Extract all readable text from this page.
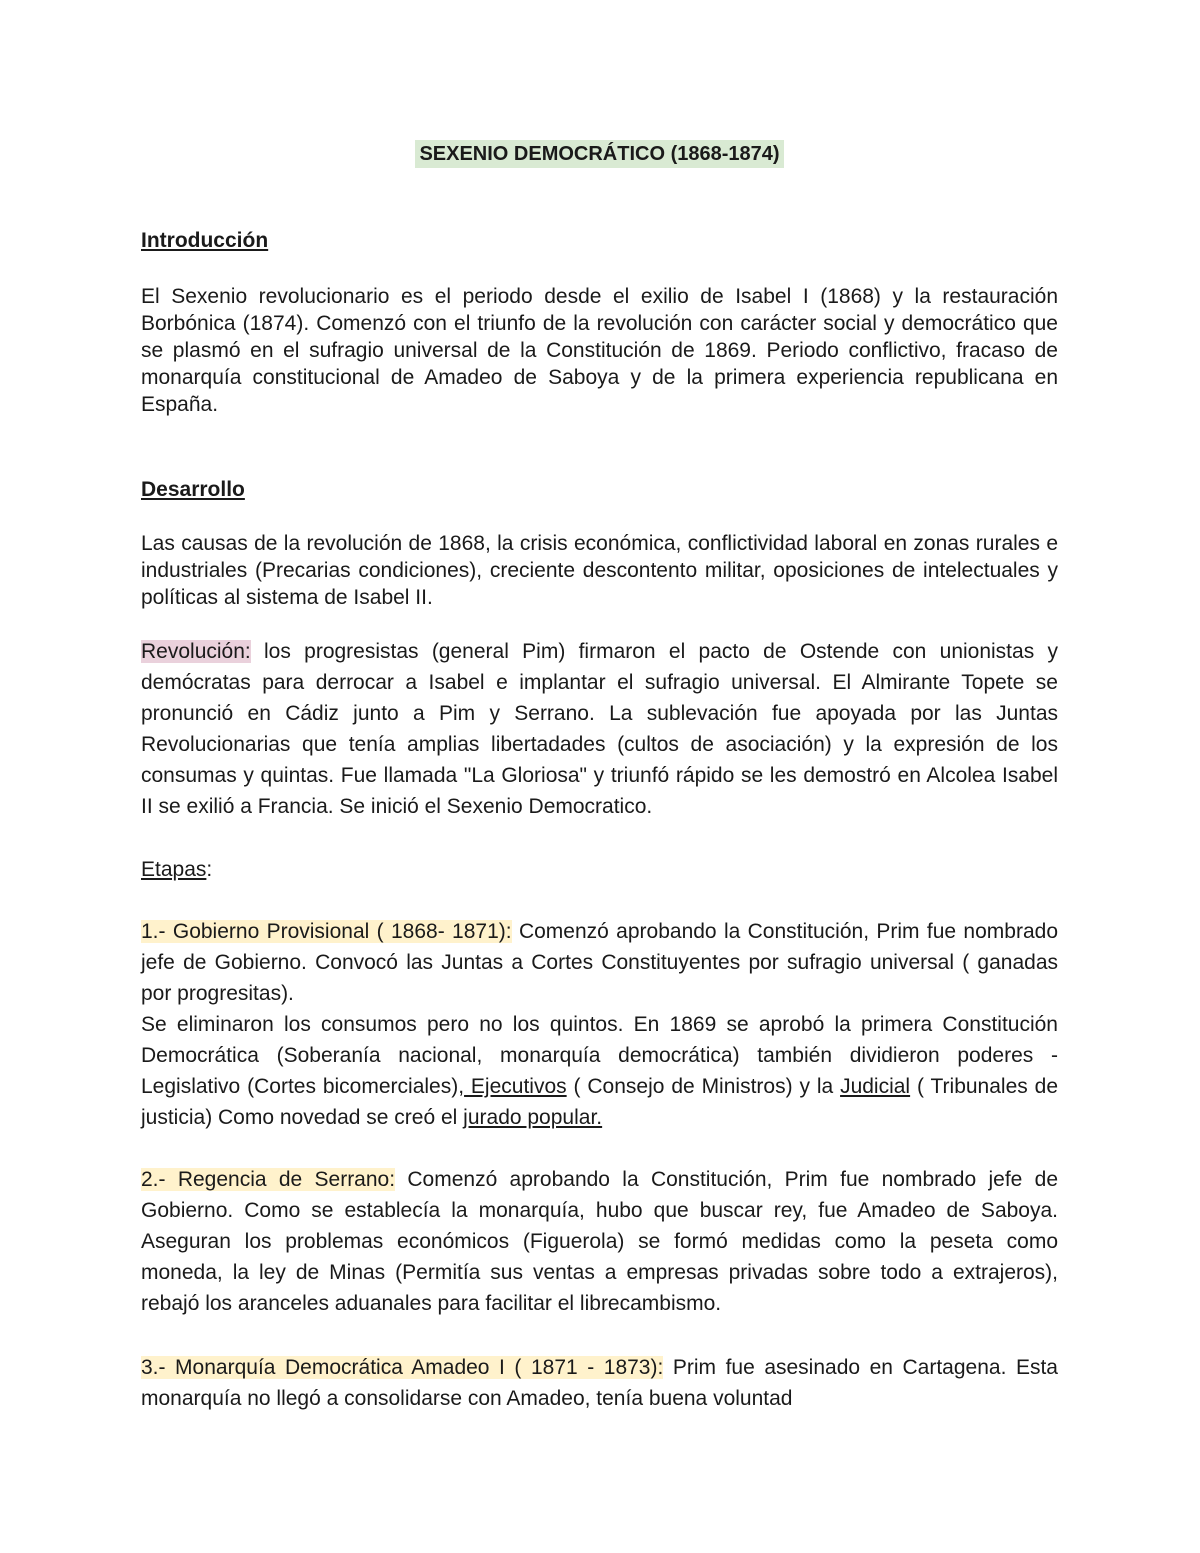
SEXENIO DEMOCRÁTICO (1868-1874)
Introducción
El Sexenio revolucionario es el periodo desde el exilio de Isabel I (1868) y la restauración Borbónica (1874). Comenzó con el triunfo de la revolución con carácter social y democrático que se plasmó en el sufragio universal de la Constitución de 1869. Periodo conflictivo, fracaso de monarquía constitucional de Amadeo de Saboya y de la primera experiencia republicana en España.
Desarrollo
Las causas de la revolución de 1868, la crisis económica, conflictividad laboral en zonas rurales e industriales (Precarias condiciones), creciente descontento militar, oposiciones de intelectuales y políticas al sistema de Isabel II.
Revolución: los progresistas (general Pim) firmaron el pacto de Ostende con unionistas y demócratas para derrocar a Isabel e implantar el sufragio universal. El Almirante Topete se pronunció en Cádiz junto a Pim y Serrano. La sublevación fue apoyada por las Juntas Revolucionarias que tenía amplias libertadades (cultos de asociación) y la expresión de los consumas y quintas. Fue llamada "La Gloriosa" y triunfó rápido se les demostró en Alcolea Isabel II se exilió a Francia. Se inició el Sexenio Democratico.
Etapas:
1.- Gobierno Provisional ( 1868- 1871): Comenzó aprobando la Constitución, Prim fue nombrado jefe de Gobierno. Convocó las Juntas a Cortes Constituyentes por sufragio universal ( ganadas por progresitas).
Se eliminaron los consumos pero no los quintos. En 1869 se aprobó la primera Constitución Democrática (Soberanía nacional, monarquía democrática) también dividieron poderes - Legislativo (Cortes bicomerciales), Ejecutivos ( Consejo de Ministros) y la Judicial ( Tribunales de justicia) Como novedad se creó el jurado popular.
2.- Regencia de Serrano: Comenzó aprobando la Constitución, Prim fue nombrado jefe de Gobierno. Como se establecía la monarquía, hubo que buscar rey, fue Amadeo de Saboya. Aseguran los problemas económicos (Figuerola) se formó medidas como la peseta como moneda, la ley de Minas (Permitía sus ventas a empresas privadas sobre todo a extrajeros), rebajó los aranceles aduanales para facilitar el librecambismo.
3.- Monarquía Democrática Amadeo I ( 1871 - 1873): Prim fue asesinado en Cartagena. Esta monarquía no llegó a consolidarse con Amadeo, tenía buena voluntad
